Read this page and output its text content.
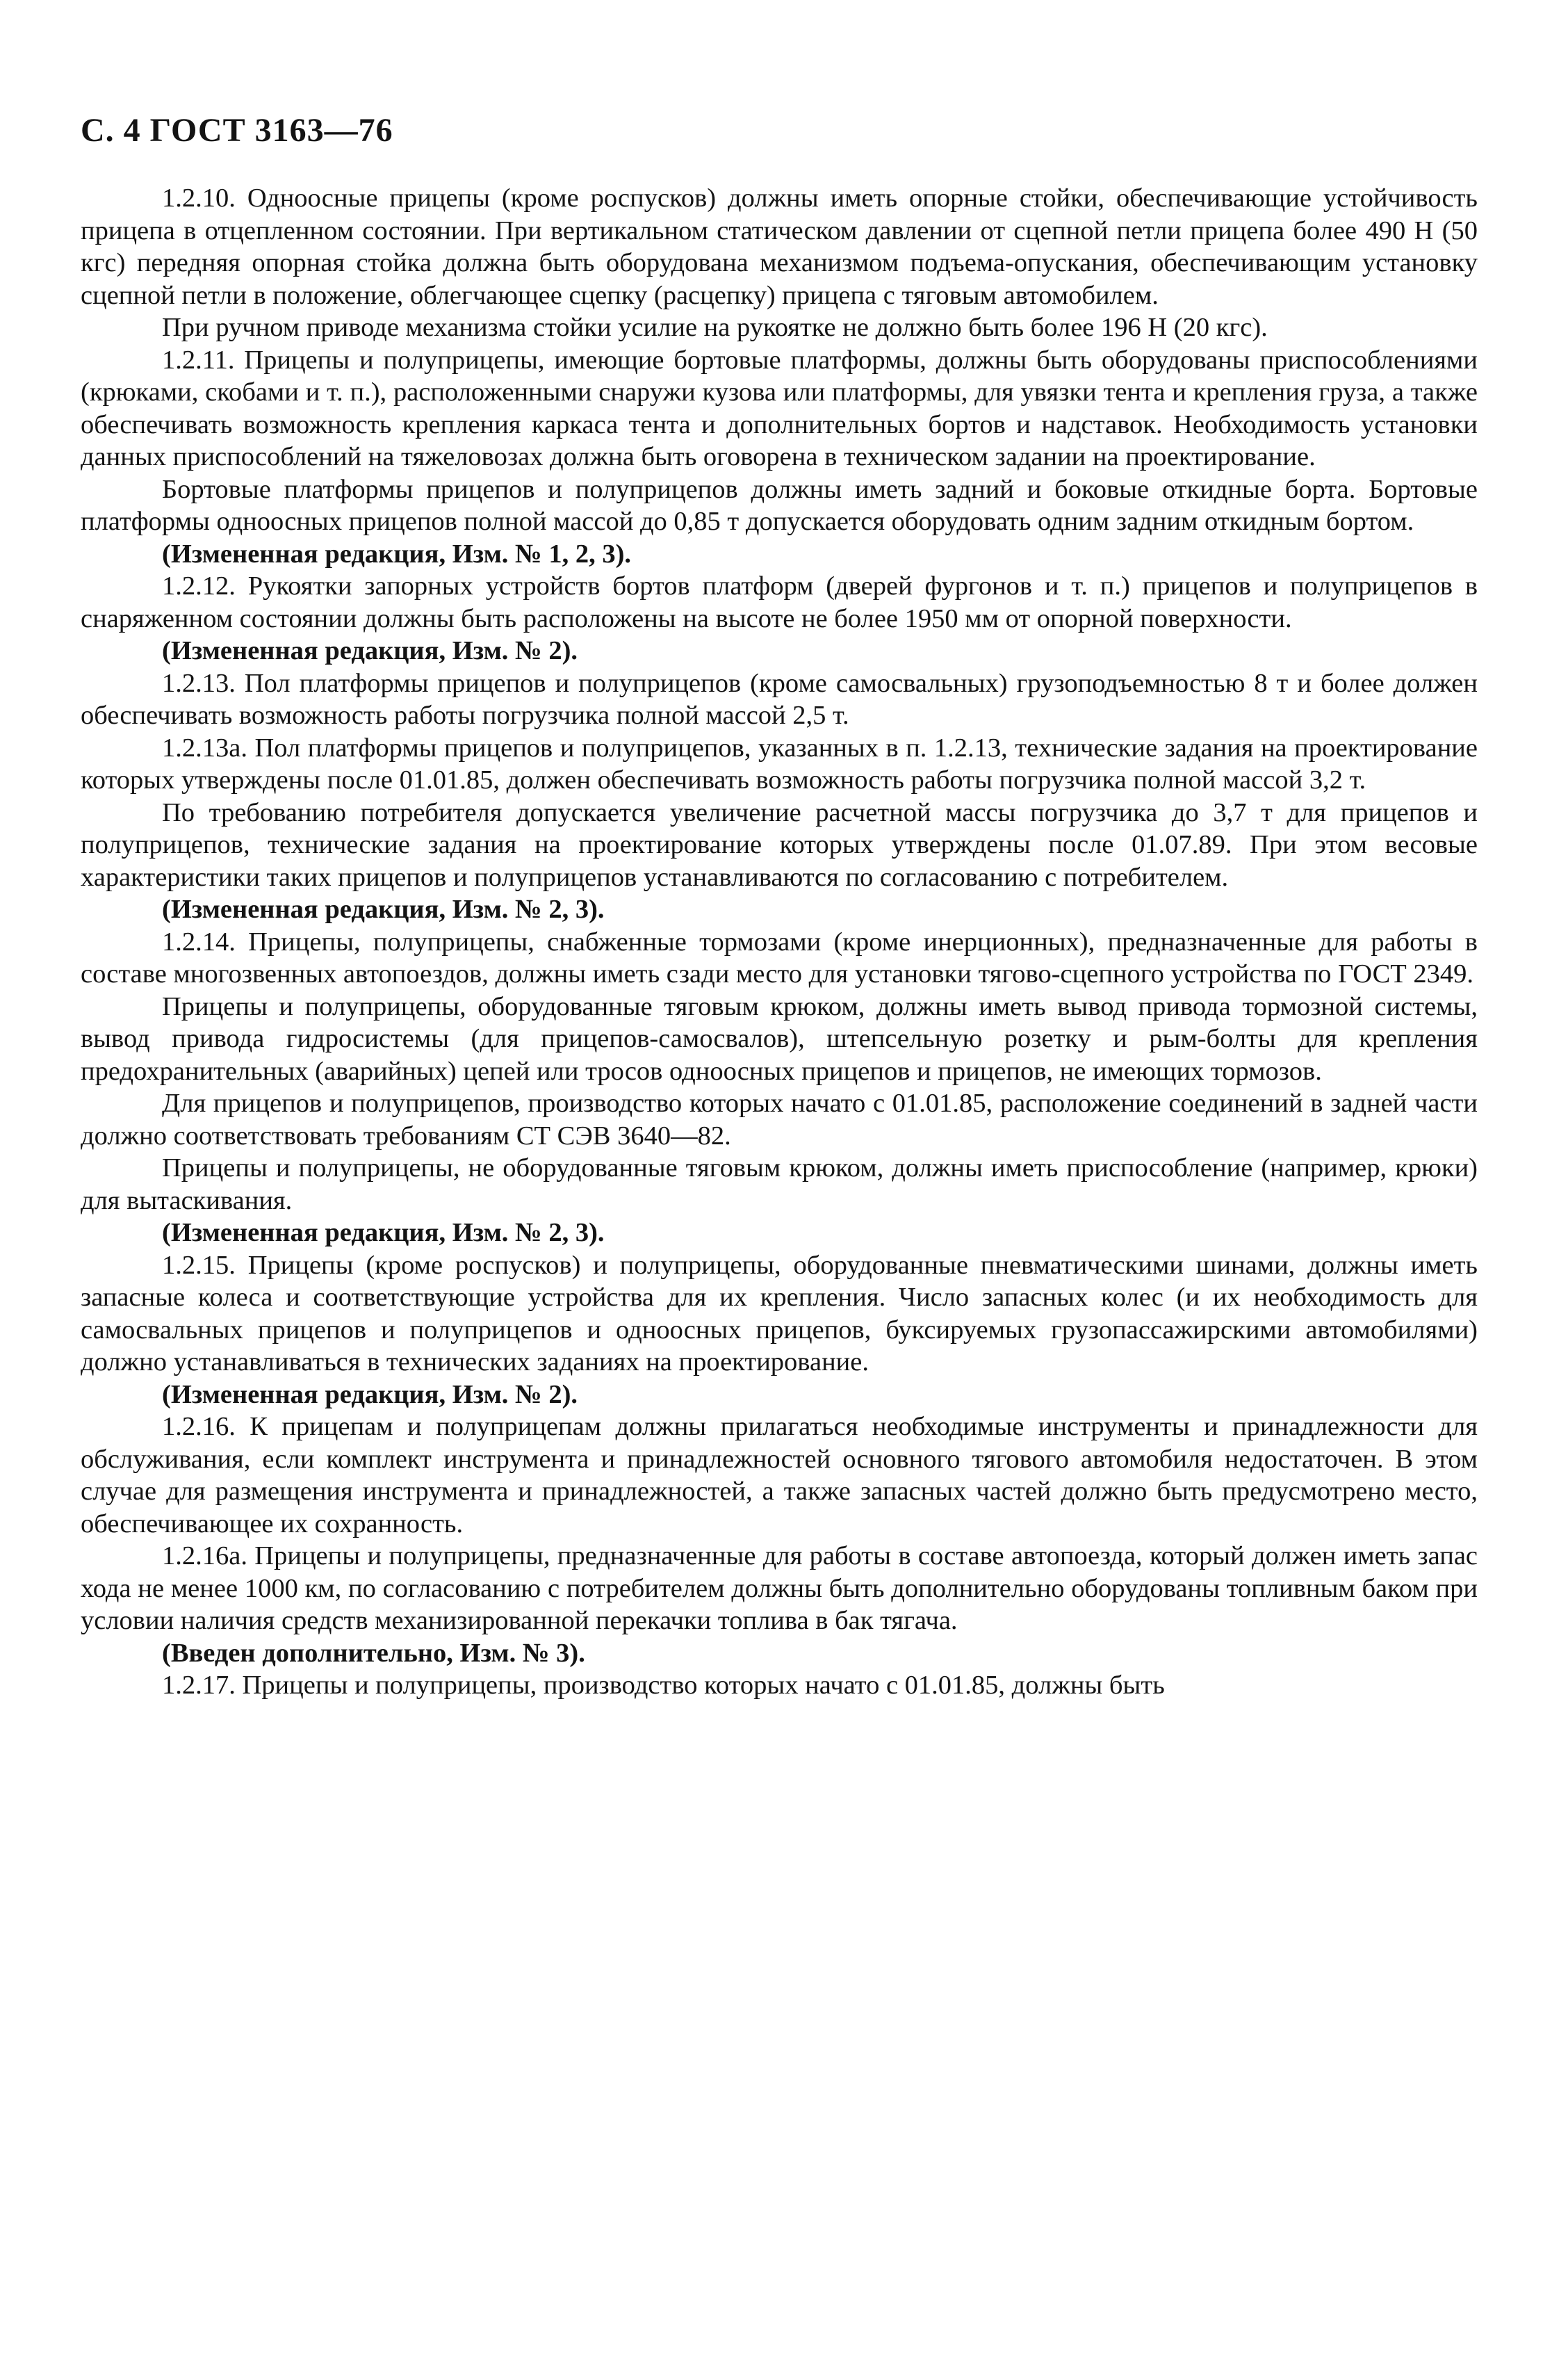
С. 4 ГОСТ 3163—76

1.2.10. Одноосные прицепы (кроме роспусков) должны иметь опорные стойки, обеспечивающие устойчивость прицепа в отцепленном состоянии. При вертикальном статическом давлении от сцепной петли прицепа более 490 Н (50 кгс) передняя опорная стойка должна быть оборудована механизмом подъема-опускания, обеспечивающим установку сцепной петли в положение, облегчающее сцепку (расцепку) прицепа с тяговым автомобилем.

При ручном приводе механизма стойки усилие на рукоятке не должно быть более 196 Н (20 кгс).

1.2.11. Прицепы и полуприцепы, имеющие бортовые платформы, должны быть оборудованы приспособлениями (крюками, скобами и т. п.), расположенными снаружи кузова или платформы, для увязки тента и крепления груза, а также обеспечивать возможность крепления каркаса тента и дополнительных бортов и надставок. Необходимость установки данных приспособлений на тяжеловозах должна быть оговорена в техническом задании на проектирование.

Бортовые платформы прицепов и полуприцепов должны иметь задний и боковые откидные борта. Бортовые платформы одноосных прицепов полной массой до 0,85 т допускается оборудовать одним задним откидным бортом.

(Измененная редакция, Изм. № 1, 2, 3).

1.2.12. Рукоятки запорных устройств бортов платформ (дверей фургонов и т. п.) прицепов и полуприцепов в снаряженном состоянии должны быть расположены на высоте не более 1950 мм от опорной поверхности.

(Измененная редакция, Изм. № 2).

1.2.13. Пол платформы прицепов и полуприцепов (кроме самосвальных) грузоподъемностью 8 т и более должен обеспечивать возможность работы погрузчика полной массой 2,5 т.

1.2.13а. Пол платформы прицепов и полуприцепов, указанных в п. 1.2.13, технические задания на проектирование которых утверждены после 01.01.85, должен обеспечивать возможность работы погрузчика полной массой 3,2 т.

По требованию потребителя допускается увеличение расчетной массы погрузчика до 3,7 т для прицепов и полуприцепов, технические задания на проектирование которых утверждены после 01.07.89. При этом весовые характеристики таких прицепов и полуприцепов устанавливаются по согласованию с потребителем.

(Измененная редакция, Изм. № 2, 3).

1.2.14. Прицепы, полуприцепы, снабженные тормозами (кроме инерционных), предназначенные для работы в составе многозвенных автопоездов, должны иметь сзади место для установки тягово-сцепного устройства по ГОСТ 2349.

Прицепы и полуприцепы, оборудованные тяговым крюком, должны иметь вывод привода тормозной системы, вывод привода гидросистемы (для прицепов-самосвалов), штепсельную розетку и рым-болты для крепления предохранительных (аварийных) цепей или тросов одноосных прицепов и прицепов, не имеющих тормозов.

Для прицепов и полуприцепов, производство которых начато с 01.01.85, расположение соединений в задней части должно соответствовать требованиям СТ СЭВ 3640—82.

Прицепы и полуприцепы, не оборудованные тяговым крюком, должны иметь приспособление (например, крюки) для вытаскивания.

(Измененная редакция, Изм. № 2, 3).

1.2.15. Прицепы (кроме роспусков) и полуприцепы, оборудованные пневматическими шинами, должны иметь запасные колеса и соответствующие устройства для их крепления. Число запасных колес (и их необходимость для самосвальных прицепов и полуприцепов и одноосных прицепов, буксируемых грузопассажирскими автомобилями) должно устанавливаться в технических заданиях на проектирование.

(Измененная редакция, Изм. № 2).

1.2.16. К прицепам и полуприцепам должны прилагаться необходимые инструменты и принадлежности для обслуживания, если комплект инструмента и принадлежностей основного тягового автомобиля недостаточен. В этом случае для размещения инструмента и принадлежностей, а также запасных частей должно быть предусмотрено место, обеспечивающее их сохранность.

1.2.16а. Прицепы и полуприцепы, предназначенные для работы в составе автопоезда, который должен иметь запас хода не менее 1000 км, по согласованию с потребителем должны быть дополнительно оборудованы топливным баком при условии наличия средств механизированной перекачки топлива в бак тягача.

(Введен дополнительно, Изм. № 3).

1.2.17. Прицепы и полуприцепы, производство которых начато с 01.01.85, должны быть
